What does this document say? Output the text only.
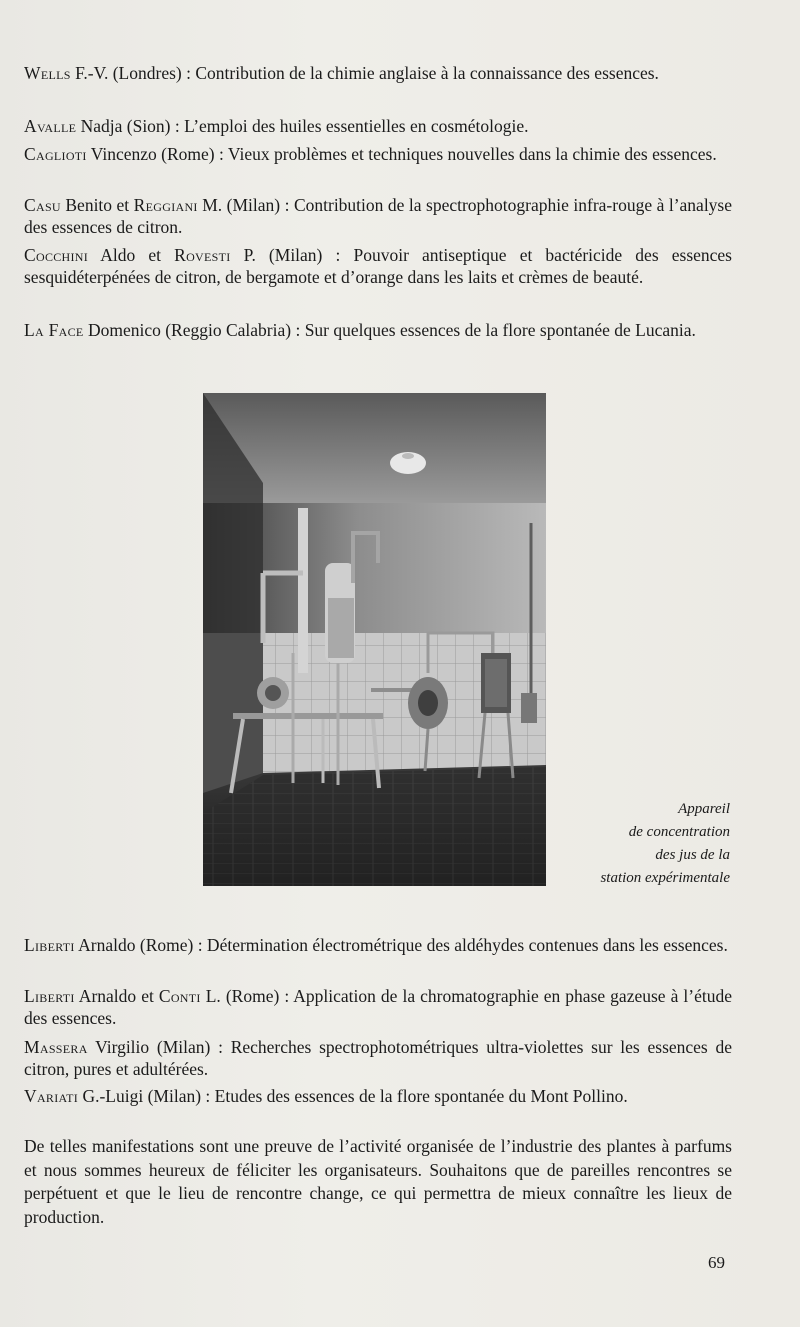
Wells F.-V. (Londres) : Contribution de la chimie anglaise à la connaissance des essences.
Avalle Nadja (Sion) : L’emploi des huiles essentielles en cosmétologie.
Caglioti Vincenzo (Rome) : Vieux problèmes et techniques nouvelles dans la chimie des essences.
Casu Benito et Reggiani M. (Milan) : Contribution de la spectrophotographie infra-rouge à l’analyse des essences de citron.
Cocchini Aldo et Rovesti P. (Milan) : Pouvoir antiseptique et bactéricide des essences sesquidéterpénées de citron, de bergamote et d’orange dans les laits et crèmes de beauté.
La Face Domenico (Reggio Calabria) : Sur quelques essences de la flore spontanée de Lucania.
Appareil
de concentration
des jus de la
station expérimentale
Liberti Arnaldo (Rome) : Détermination électrométrique des aldéhydes contenues dans les essences.
Liberti Arnaldo et Conti L. (Rome) : Application de la chromatographie en phase gazeuse à l’étude des essences.
Massera Virgilio (Milan) : Recherches spectrophotométriques ultra-violettes sur les essences de citron, pures et adultérées.
Variati G.-Luigi (Milan) : Etudes des essences de la flore spontanée du Mont Pollino.
De telles manifestations sont une preuve de l’activité organisée de l’industrie des plantes à parfums et nous sommes heureux de féliciter les organisateurs. Souhaitons que de pareilles rencontres se perpétuent et que le lieu de rencontre change, ce qui permettra de mieux connaître les lieux de production.
69
